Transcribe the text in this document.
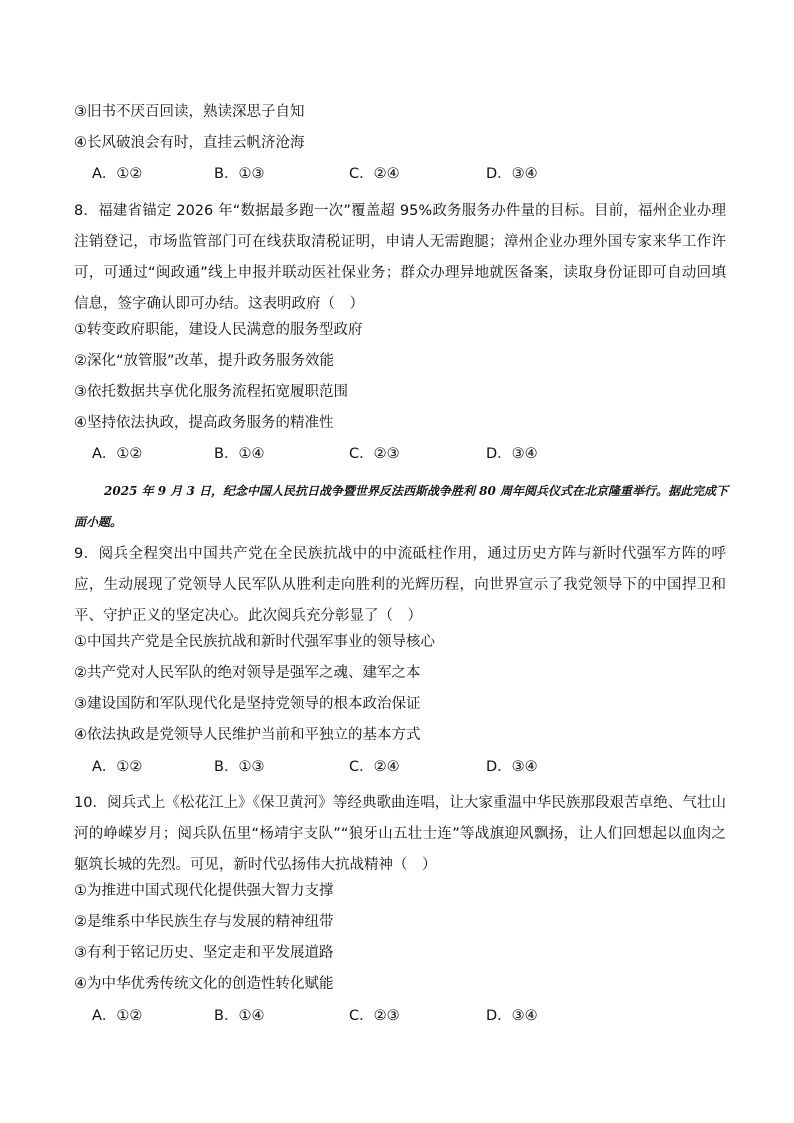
③旧书不厌百回读，熟读深思子自知
④长风破浪会有时，直挂云帆济沧海
A．①②	B．①③	C．②④	D．③④
8．福建省锚定 2026 年“数据最多跑一次”覆盖超 95%政务服务办件量的目标。目前，福州企业办理注销登记，市场监管部门可在线获取清税证明，申请人无需跑腿；漳州企业办理外国专家来华工作许可，可通过“闽政通”线上申报并联动医社保业务；群众办理异地就医备案，读取身份证即可自动回填信息，签字确认即可办结。这表明政府（　）
①转变政府职能，建设人民满意的服务型政府
②深化“放管服”改革，提升政务服务效能
③依托数据共享优化服务流程拓宽履职范围
④坚持依法执政，提高政务服务的精准性
A．①②	B．①④	C．②③	D．③④
2025 年 9 月 3 日，纪念中国人民抗日战争暨世界反法西斯战争胜利 80 周年阅兵仪式在北京隆重举行。据此完成下面小题。
9．阅兵全程突出中国共产党在全民族抗战中的中流砥柱作用，通过历史方阵与新时代强军方阵的呼应，生动展现了党领导人民军队从胜利走向胜利的光辉历程，向世界宣示了我党领导下的中国捍卫和平、守护正义的坚定决心。此次阅兵充分彰显了（　）
①中国共产党是全民族抗战和新时代强军事业的领导核心
②共产党对人民军队的绝对领导是强军之魂、建军之本
③建设国防和军队现代化是坚持党领导的根本政治保证
④依法执政是党领导人民维护当前和平独立的基本方式
A．①②	B．①③	C．②④	D．③④
10．阅兵式上《松花江上》《保卫黄河》等经典歌曲连唱，让大家重温中华民族那段艰苦卓绝、气壮山河的峥嵘岁月；阅兵队伍里“杨靖宇支队”“狼牙山五壮士连”等战旗迎风飘扬，让人们回想起以血肉之躯筑长城的先烈。可见，新时代弘扬伟大抗战精神（　）
①为推进中国式现代化提供强大智力支撑
②是维系中华民族生存与发展的精神纽带
③有利于铭记历史、坚定走和平发展道路
④为中华优秀传统文化的创造性转化赋能
A．①②	B．①④	C．②③	D．③④
